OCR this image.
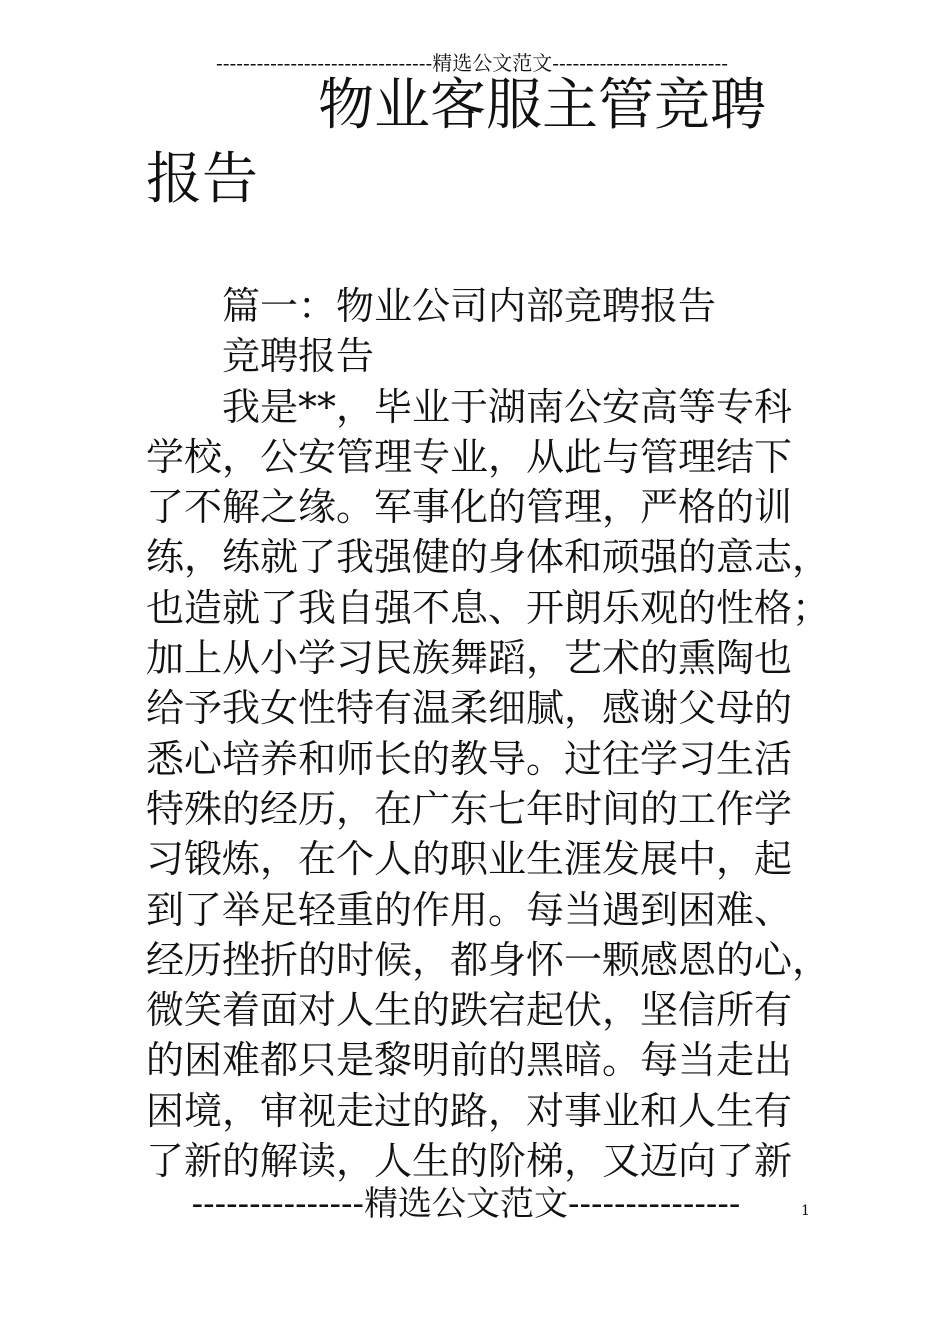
--------------------------------精选公文范文--------------------------
物业客服主管竞聘
报告
篇一：物业公司内部竞聘报告
竞聘报告
我是**，毕业于湖南公安高等专科
学校，公安管理专业，从此与管理结下
了不解之缘。军事化的管理，严格的训
练，练就了我强健的身体和顽强的意志，
也造就了我自强不息、开朗乐观的性格；
加上从小学习民族舞蹈，艺术的熏陶也
给予我女性特有温柔细腻，感谢父母的
悉心培养和师长的教导。过往学习生活
特殊的经历，在广东七年时间的工作学
习锻炼，在个人的职业生涯发展中，起
到了举足轻重的作用。每当遇到困难、
经历挫折的时候，都身怀一颗感恩的心，
微笑着面对人生的跌宕起伏，坚信所有
的困难都只是黎明前的黑暗。每当走出
困境，审视走过的路，对事业和人生有
了新的解读，人生的阶梯，又迈向了新
---------------精选公文范文---------------	1
